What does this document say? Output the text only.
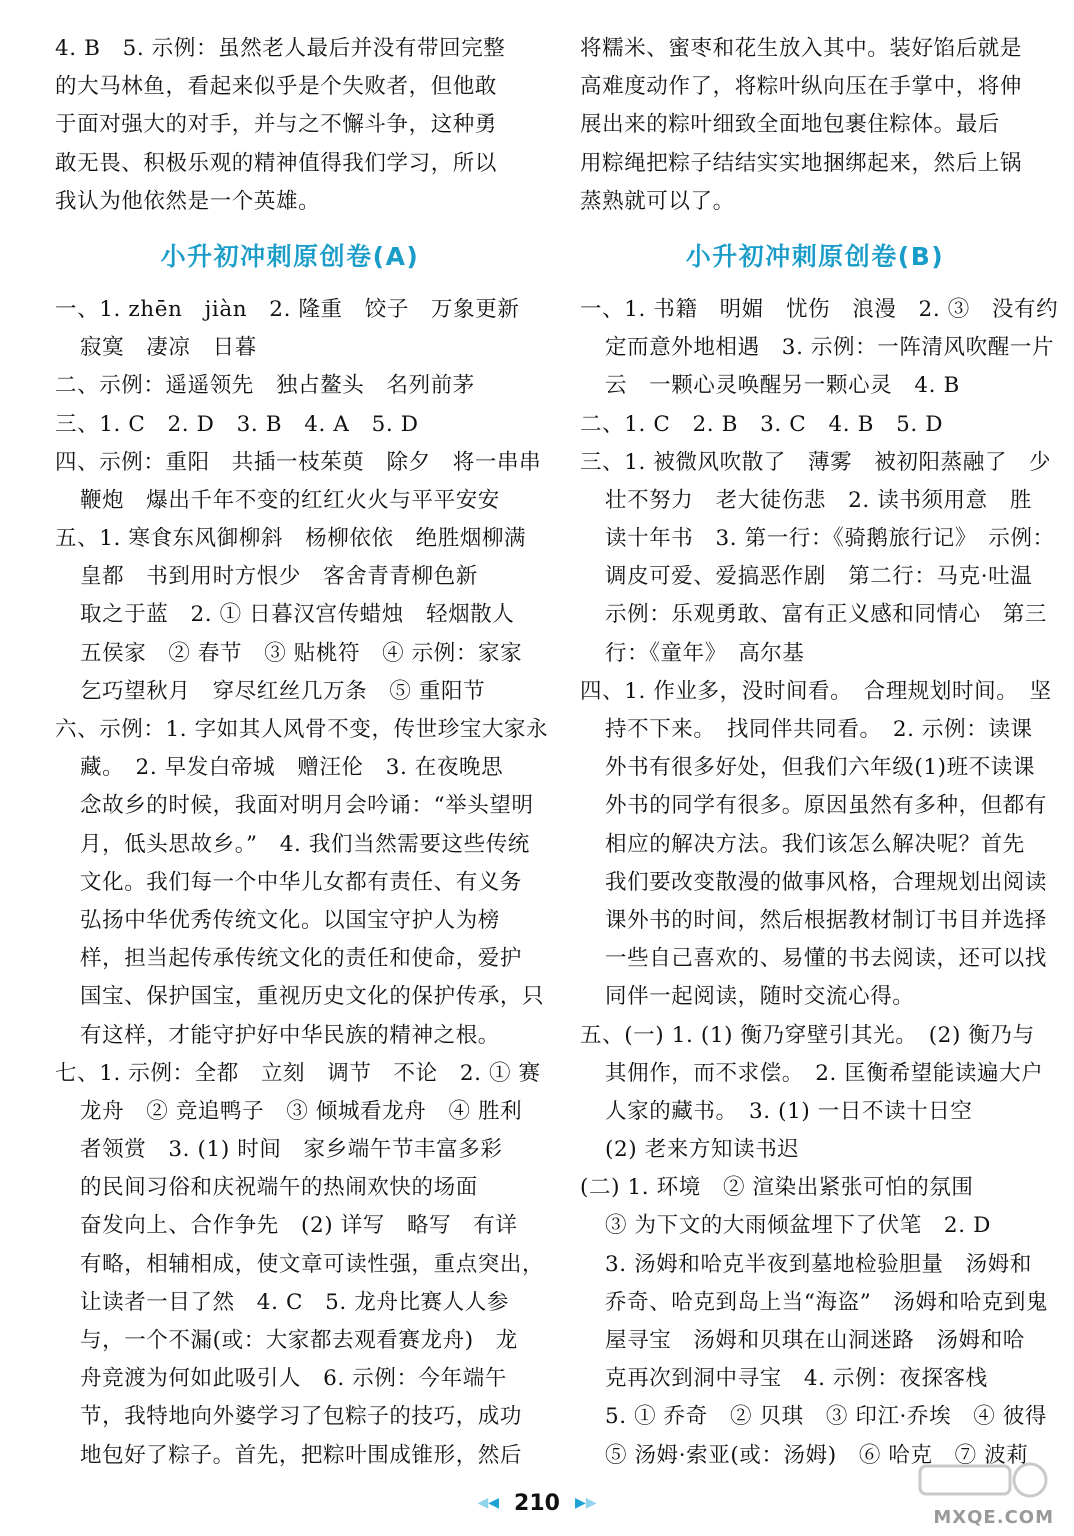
4. B　5. 示例：虽然老人最后并没有带回完整
的大马林鱼，看起来似乎是个失败者，但他敢
于面对强大的对手，并与之不懈斗争，这种勇
敢无畏、积极乐观的精神值得我们学习，所以
我认为他依然是一个英雄。
小升初冲刺原创卷(A)
一、1. zhēn　jiàn　2. 隆重　饺子　万象更新
寂寞　凄凉　日暮
二、示例：遥遥领先　独占鳌头　名列前茅
三、1. C　2. D　3. B　4. A　5. D
四、示例：重阳　共插一枝茱萸　除夕　将一串串
鞭炮　爆出千年不变的红红火火与平平安安
五、1. 寒食东风御柳斜　杨柳依依　绝胜烟柳满
皇都　书到用时方恨少　客舍青青柳色新
取之于蓝　2. ① 日暮汉宫传蜡烛　轻烟散人
五侯家　② 春节　③ 贴桃符　④ 示例：家家
乞巧望秋月　穿尽红丝几万条　⑤ 重阳节
六、示例：1. 字如其人风骨不变，传世珍宝大家永
藏。　2. 早发白帝城　赠汪伦　3. 在夜晚思
念故乡的时候，我面对明月会吟诵：“举头望明
月，低头思故乡。”　4. 我们当然需要这些传统
文化。我们每一个中华儿女都有责任、有义务
弘扬中华优秀传统文化。以国宝守护人为榜
样，担当起传承传统文化的责任和使命，爱护
国宝、保护国宝，重视历史文化的保护传承，只
有这样，才能守护好中华民族的精神之根。
七、1. 示例：全都　立刻　调节　不论　2. ① 赛
龙舟　② 竞追鸭子　③ 倾城看龙舟　④ 胜利
者领赏　3. (1) 时间　家乡端午节丰富多彩
的民间习俗和庆祝端午的热闹欢快的场面
奋发向上、合作争先　(2) 详写　略写　有详
有略，相辅相成，使文章可读性强，重点突出，
让读者一目了然　4. C　5. 龙舟比赛人人参
与，一个不漏(或：大家都去观看赛龙舟)　龙
舟竞渡为何如此吸引人　6. 示例：今年端午
节，我特地向外婆学习了包粽子的技巧，成功
地包好了粽子。首先，把粽叶围成锥形，然后
将糯米、蜜枣和花生放入其中。装好馅后就是
高难度动作了，将粽叶纵向压在手掌中，将伸
展出来的粽叶细致全面地包裹住粽体。最后
用粽绳把粽子结结实实地捆绑起来，然后上锅
蒸熟就可以了。
小升初冲刺原创卷(B)
一、1. 书籍　明媚　忧伤　浪漫　2. ③　没有约
定而意外地相遇　3. 示例：一阵清风吹醒一片
云　一颗心灵唤醒另一颗心灵　4. B
二、1. C　2. B　3. C　4. B　5. D
三、1. 被微风吹散了　薄雾　被初阳蒸融了　少
壮不努力　老大徒伤悲　2. 读书须用意　胜
读十年书　3. 第一行：《骑鹅旅行记》　示例：
调皮可爱、爱搞恶作剧　第二行：马克·吐温
示例：乐观勇敢、富有正义感和同情心　第三
行：《童年》　高尔基
四、1. 作业多，没时间看。　合理规划时间。　坚
持不下来。　找同伴共同看。　2. 示例：读课
外书有很多好处，但我们六年级(1)班不读课
外书的同学有很多。原因虽然有多种，但都有
相应的解决方法。我们该怎么解决呢？首先
我们要改变散漫的做事风格，合理规划出阅读
课外书的时间，然后根据教材制订书目并选择
一些自己喜欢的、易懂的书去阅读，还可以找
同伴一起阅读，随时交流心得。
五、(一) 1. (1) 衡乃穿壁引其光。　(2) 衡乃与
其佣作，而不求偿。　2. 匡衡希望能读遍大户
人家的藏书。　3. (1) 一日不读十日空
(2) 老来方知读书迟
(二) 1. 环境　② 渲染出紧张可怕的氛围
③ 为下文的大雨倾盆埋下了伏笔　2. D
3. 汤姆和哈克半夜到墓地检验胆量　汤姆和
乔奇、哈克到岛上当“海盗”　汤姆和哈克到鬼
屋寻宝　汤姆和贝琪在山洞迷路　汤姆和哈
克再次到洞中寻宝　4. 示例：夜探客栈
5. ① 乔奇　② 贝琪　③ 印江·乔埃　④ 彼得
⑤ 汤姆·索亚(或：汤姆)　⑥ 哈克　⑦ 波莉
◀◀ 210 ▶▶
MXQE.COM
